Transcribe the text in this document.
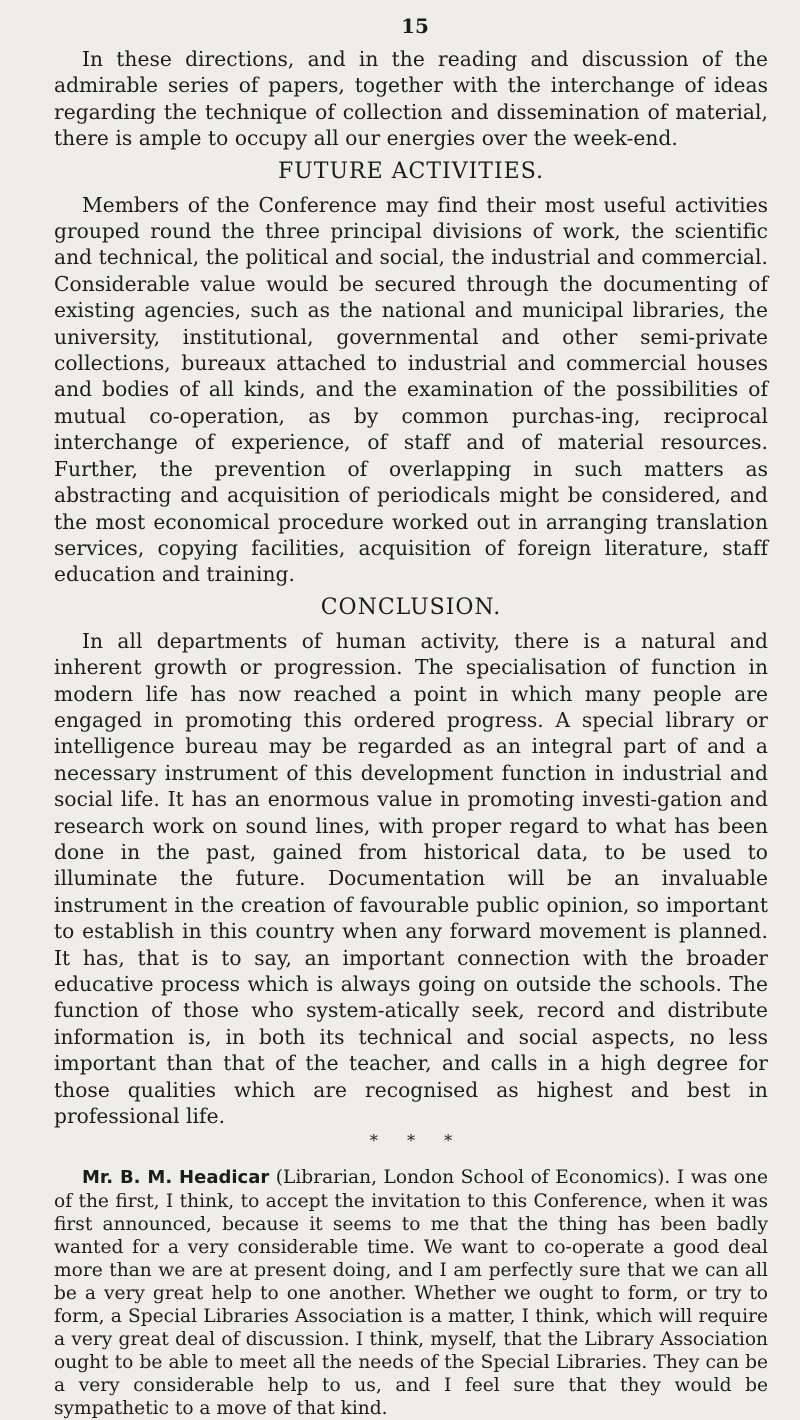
15

In these directions, and in the reading and discussion of the admirable series of papers, together with the interchange of ideas regarding the technique of collection and dissemination of material, there is ample to occupy all our energies over the week-end.

FUTURE ACTIVITIES.

Members of the Conference may find their most useful activities grouped round the three principal divisions of work, the scientific and technical, the political and social, the industrial and commercial. Considerable value would be secured through the documenting of existing agencies, such as the national and municipal libraries, the university, institutional, governmental and other semi-private collections, bureaux attached to industrial and commercial houses and bodies of all kinds, and the examination of the possibilities of mutual co-operation, as by common purchas-ing, reciprocal interchange of experience, of staff and of material resources. Further, the prevention of overlapping in such matters as abstracting and acquisition of periodicals might be considered, and the most economical procedure worked out in arranging translation services, copying facilities, acquisition of foreign literature, staff education and training.

CONCLUSION.

In all departments of human activity, there is a natural and inherent growth or progression. The specialisation of function in modern life has now reached a point in which many people are engaged in promoting this ordered progress. A special library or intelligence bureau may be regarded as an integral part of and a necessary instrument of this development function in industrial and social life. It has an enormous value in promoting investi-gation and research work on sound lines, with proper regard to what has been done in the past, gained from historical data, to be used to illuminate the future. Documentation will be an invaluable instrument in the creation of favourable public opinion, so important to establish in this country when any forward movement is planned. It has, that is to say, an important connection with the broader educative process which is always going on outside the schools. The function of those who system-atically seek, record and distribute information is, in both its technical and social aspects, no less important than that of the teacher, and calls in a high degree for those qualities which are recognised as highest and best in professional life.

* * *

Mr. B. M. Headicar (Librarian, London School of Economics). I was one of the first, I think, to accept the invitation to this Conference, when it was first announced, because it seems to me that the thing has been badly wanted for a very considerable time. We want to co-operate a good deal more than we are at present doing, and I am perfectly sure that we can all be a very great help to one another. Whether we ought to form, or try to form, a Special Libraries Association is a matter, I think, which will require a very great deal of discussion. I think, myself, that the Library Association ought to be able to meet all the needs of the Special Libraries. They can be a very considerable help to us, and I feel sure that they would be sympathetic to a move of that kind.
